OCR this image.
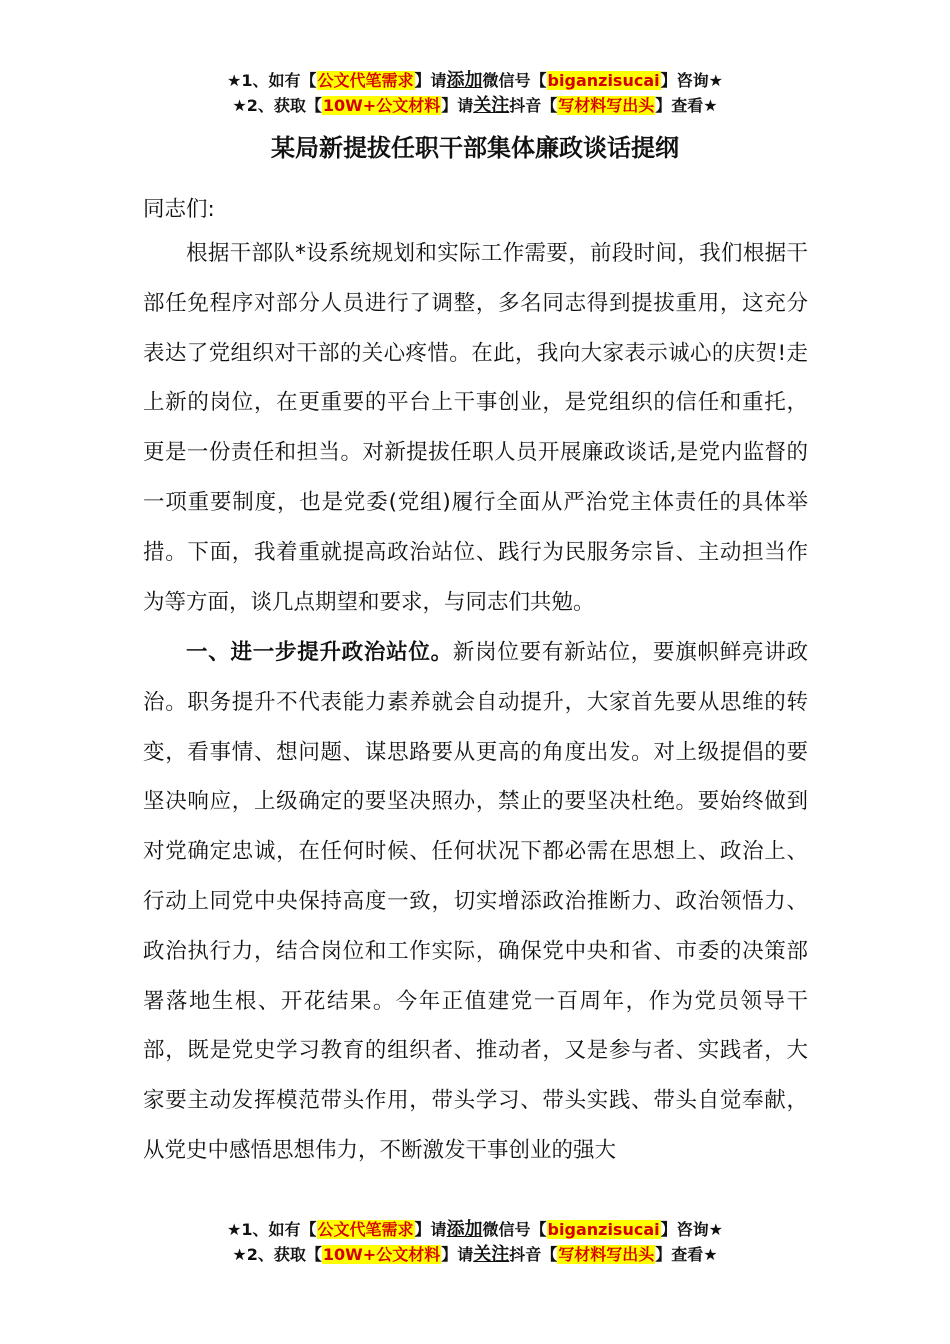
★1、如有【公文代笔需求】请添加微信号【biganzisucai】咨询★
★2、获取【10W+公文材料】请关注抖音【写材料写出头】查看★
某局新提拔任职干部集体廉政谈话提纲

同志们:

根据干部队*设系统规划和实际工作需要，前段时间，我们根据干部任免程序对部分人员进行了调整，多名同志得到提拔重用，这充分表达了党组织对干部的关心疼惜。在此，我向大家表示诚心的庆贺!走上新的岗位，在更重要的平台上干事创业，是党组织的信任和重托，更是一份责任和担当。对新提拔任职人员开展廉政谈话,是党内监督的一项重要制度，也是党委(党组)履行全面从严治党主体责任的具体举措。下面，我着重就提高政治站位、践行为民服务宗旨、主动担当作为等方面，谈几点期望和要求，与同志们共勉。

一、进一步提升政治站位。新岗位要有新站位，要旗帜鲜亮讲政治。职务提升不代表能力素养就会自动提升，大家首先要从思维的转变，看事情、想问题、谋思路要从更高的角度出发。对上级提倡的要坚决响应，上级确定的要坚决照办，禁止的要坚决杜绝。要始终做到对党确定忠诚，在任何时候、任何状况下都必需在思想上、政治上、行动上同党中央保持高度一致，切实增添政治推断力、政治领悟力、政治执行力，结合岗位和工作实际，确保党中央和省、市委的决策部署落地生根、开花结果。今年正值建党一百周年，作为党员领导干部，既是党史学习教育的组织者、推动者，又是参与者、实践者，大家要主动发挥模范带头作用，带头学习、带头实践、带头自觉奉献，从党史中感悟思想伟力，不断激发干事创业的强大

★1、如有【公文代笔需求】请添加微信号【biganzisucai】咨询★
★2、获取【10W+公文材料】请关注抖音【写材料写出头】查看★
